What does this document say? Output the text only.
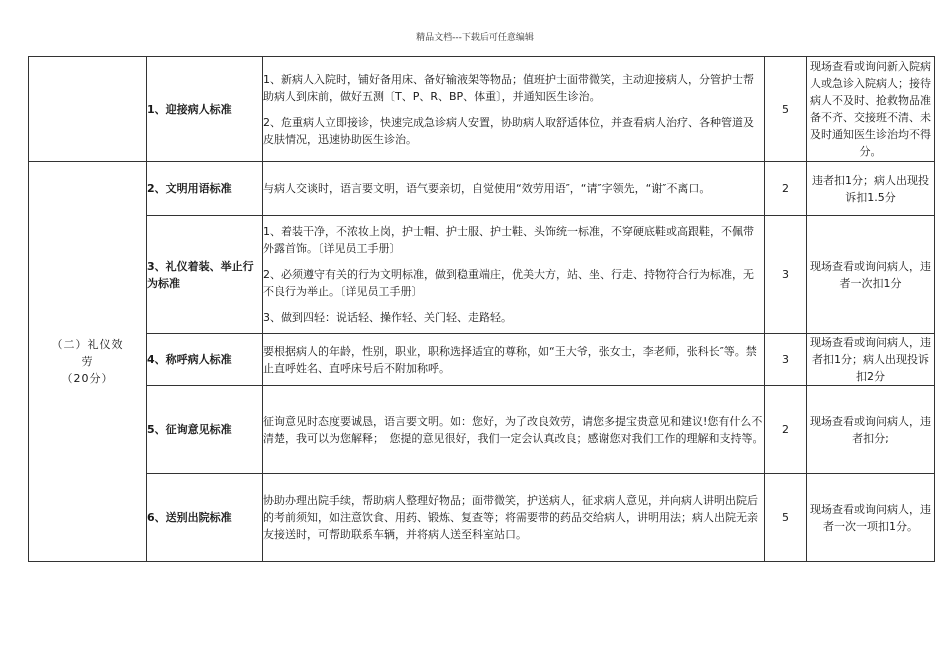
精品文档---下载后可任意编辑
	1、迎接病人标准	1、新病人入院时，铺好备用床、备好输液架等物品；值班护士面带微笑，主动迎接病人，分管护士帮助病人到床前，做好五测〔T、P、R、BP、体重〕，并通知医生诊治。

2、危重病人立即接诊，快速完成急诊病人安置，协助病人取舒适体位，并查看病人治疗、各种管道及皮肤情况，迅速协助医生诊治。	5	现场查看或询问新入院病人或急诊入院病人；接待病人不及时、抢救物品准备不齐、交接班不清、未及时通知医生诊治均不得分。

（二）礼仪效
劳
（20分）	2、文明用语标准	与病人交谈时，语言要文明，语气要亲切，自觉使用“效劳用语″，“请″字领先，“谢″不离口。	2	违者扣1分；病人出现投诉扣1.5分
	3、礼仪着装、举止行为标准	1、着装干净，不浓妆上岗，护士帽、护士服、护士鞋、头饰统一标准，不穿硬底鞋或高跟鞋，不佩带外露首饰。〔详见员工手册〕

2、必须遵守有关的行为文明标准，做到稳重端庄，优美大方，站、坐、行走、持物符合行为标准，无不良行为举止。〔详见员工手册〕

3、做到四轻：说话轻、操作轻、关门轻、走路轻。	3	现场查看或询问病人，违者一次扣1分
	4、称呼病人标准	要根据病人的年龄，性别，职业，职称选择适宜的尊称，如“王大爷，张女士，李老师，张科长″等。禁止直呼姓名、直呼床号后不附加称呼。	3	现场查看或询问病人，违者扣1分；病人出现投诉扣2分
	5、征询意见标准	征询意见时态度要诚恳，语言要文明。如：您好，为了改良效劳，请您多提宝贵意见和建议!您有什么不清楚，我可以为您解释；　您提的意见很好，我们一定会认真改良；感谢您对我们工作的理解和支持等。	2	现场查看或询问病人，违者扣分;
	6、送别出院标准	协助办理出院手续，帮助病人整理好物品；面带微笑，护送病人，征求病人意见，并向病人讲明出院后的考前须知，如注意饮食、用药、锻炼、复查等；将需要带的药品交给病人，讲明用法；病人出院无亲友接送时，可帮助联系车辆，并将病人送至科室站口。	5	现场查看或询问病人，违者一次一项扣1分。
